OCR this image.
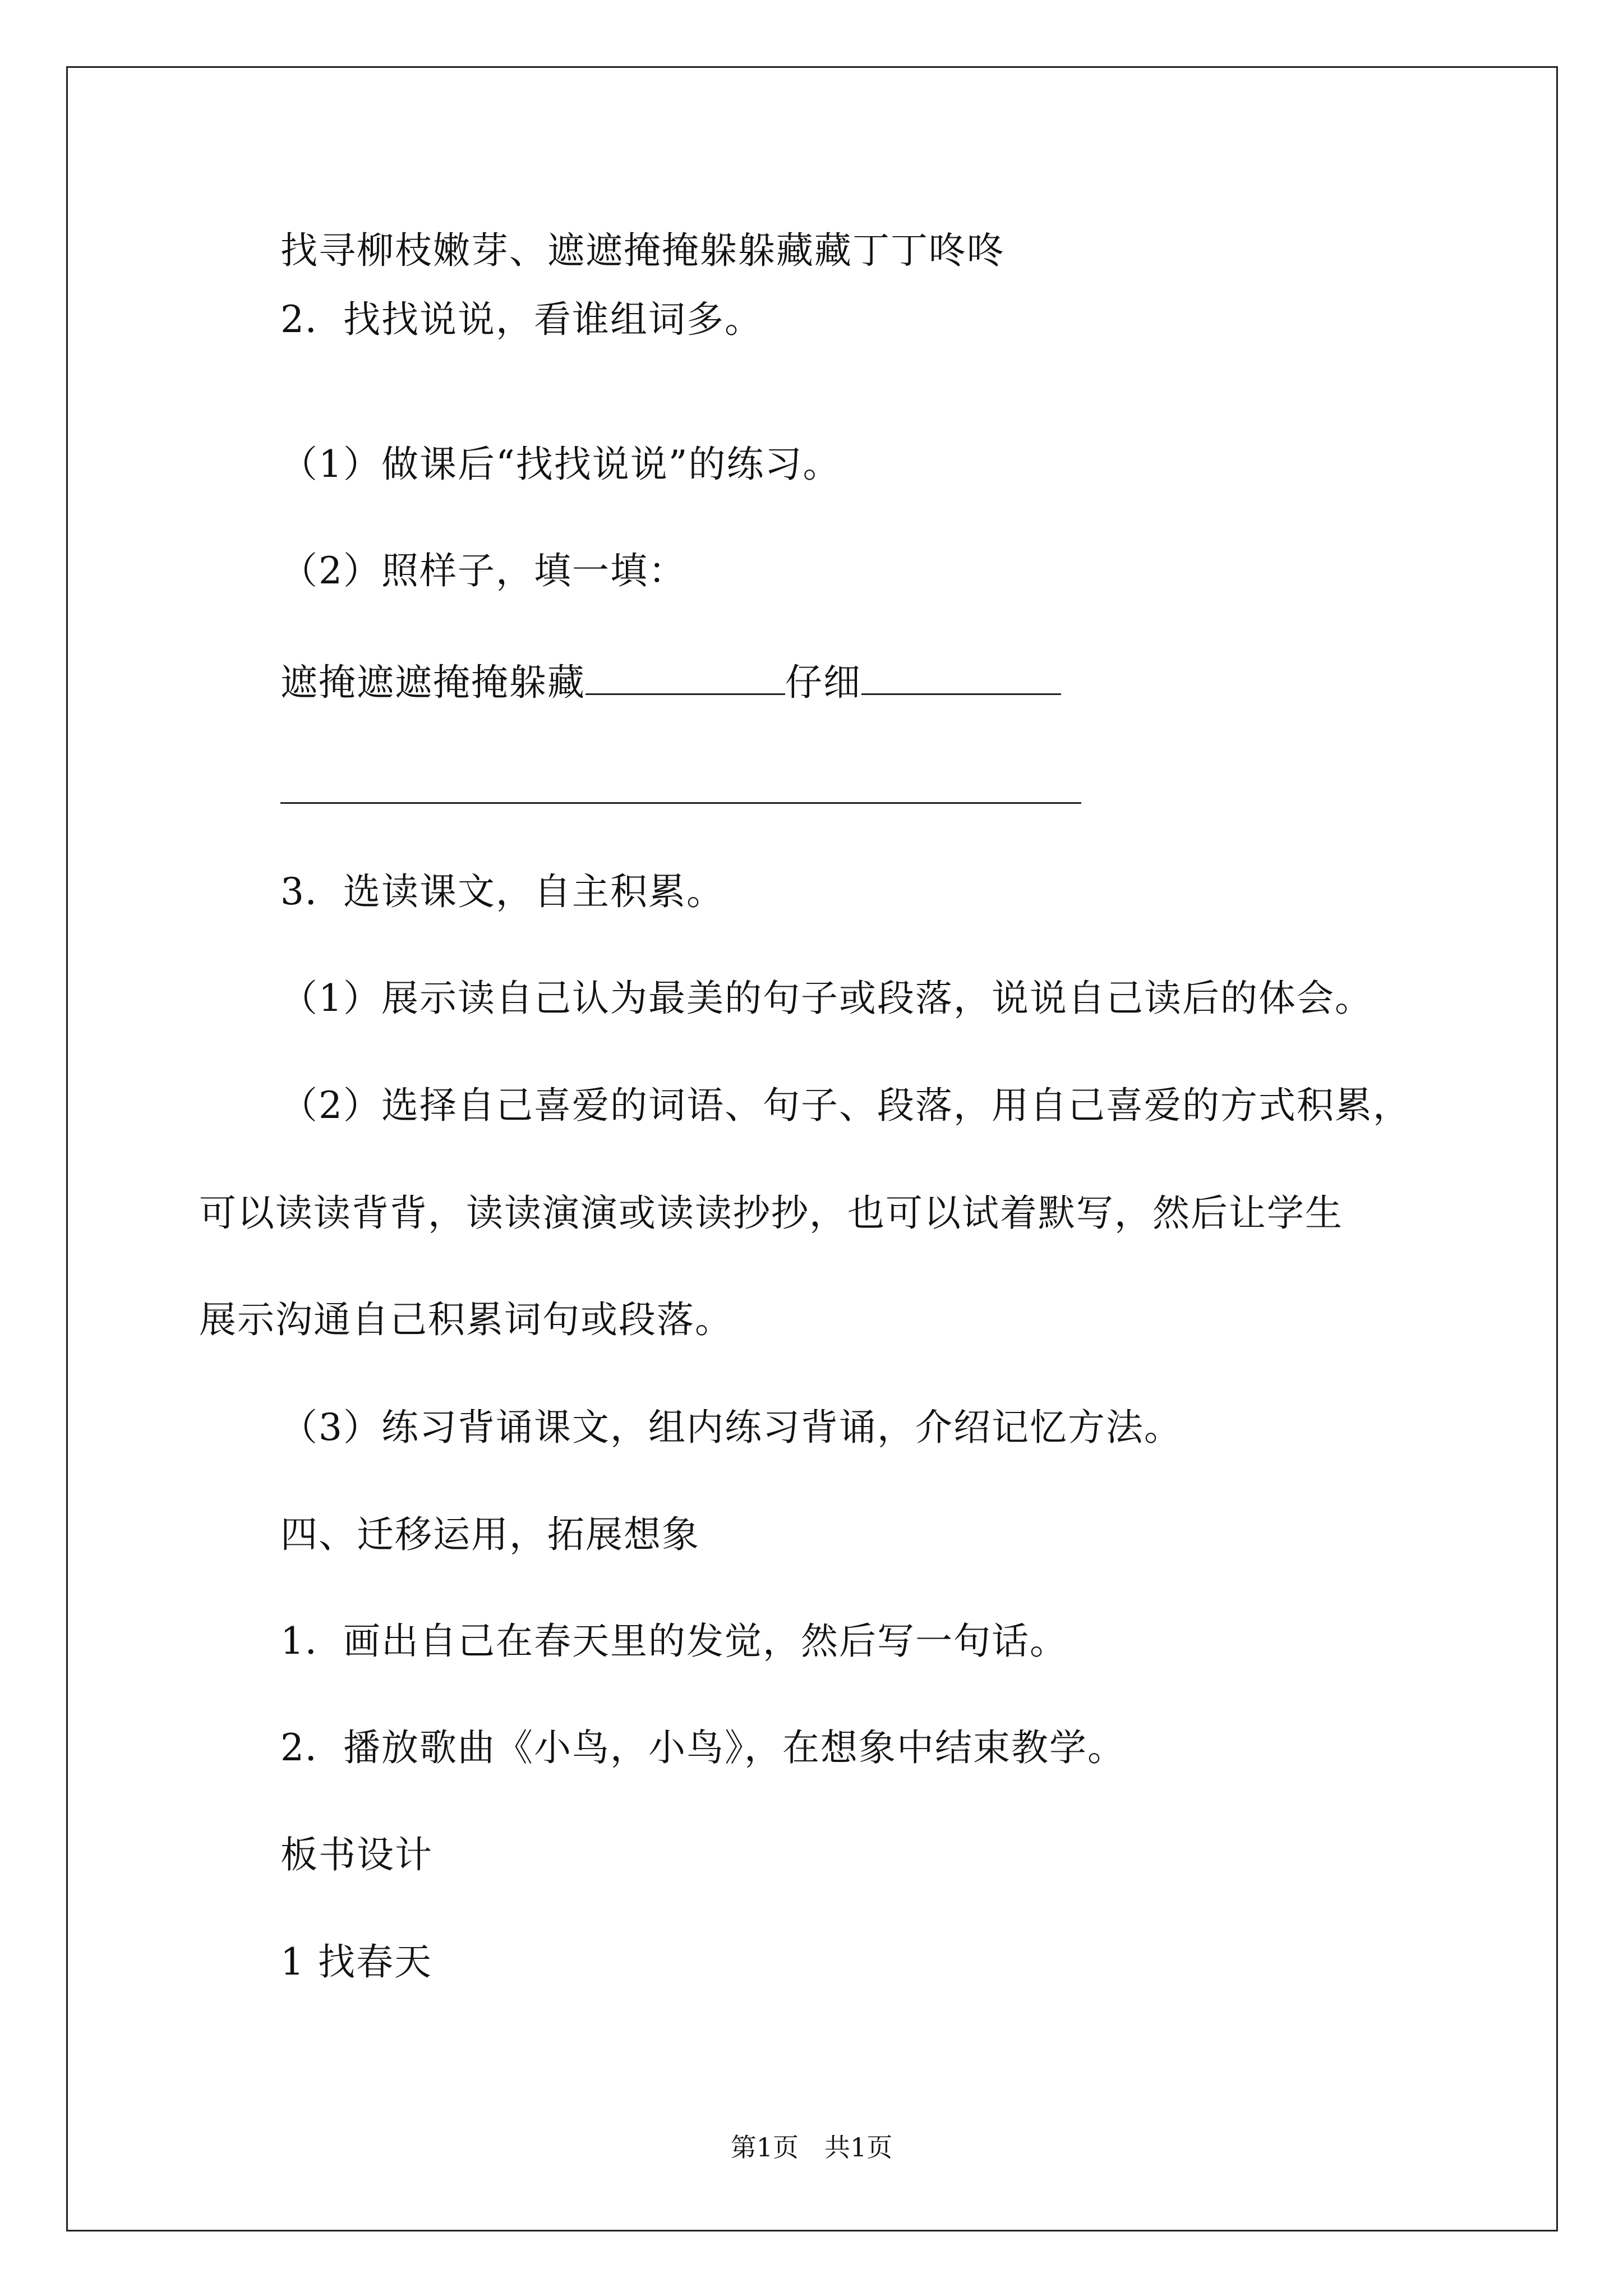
找寻柳枝嫩芽、遮遮掩掩躲躲藏藏丁丁咚咚
2．找找说说，看谁组词多。
（1）做课后“找找说说”的练习。
（2）照样子，填一填：
遮掩遮遮掩掩躲藏	仔细
3．选读课文，自主积累。
（1）展示读自己认为最美的句子或段落，说说自己读后的体会。
（2）选择自己喜爱的词语、句子、段落，用自己喜爱的方式积累，
可以读读背背，读读演演或读读抄抄，也可以试着默写，然后让学生
展示沟通自己积累词句或段落。
（3）练习背诵课文，组内练习背诵，介绍记忆方法。
四、迁移运用，拓展想象
1．画出自己在春天里的发觉，然后写一句话。
2．播放歌曲《小鸟，小鸟》，在想象中结束教学。
板书设计
1 找春天
第1页　共1页
